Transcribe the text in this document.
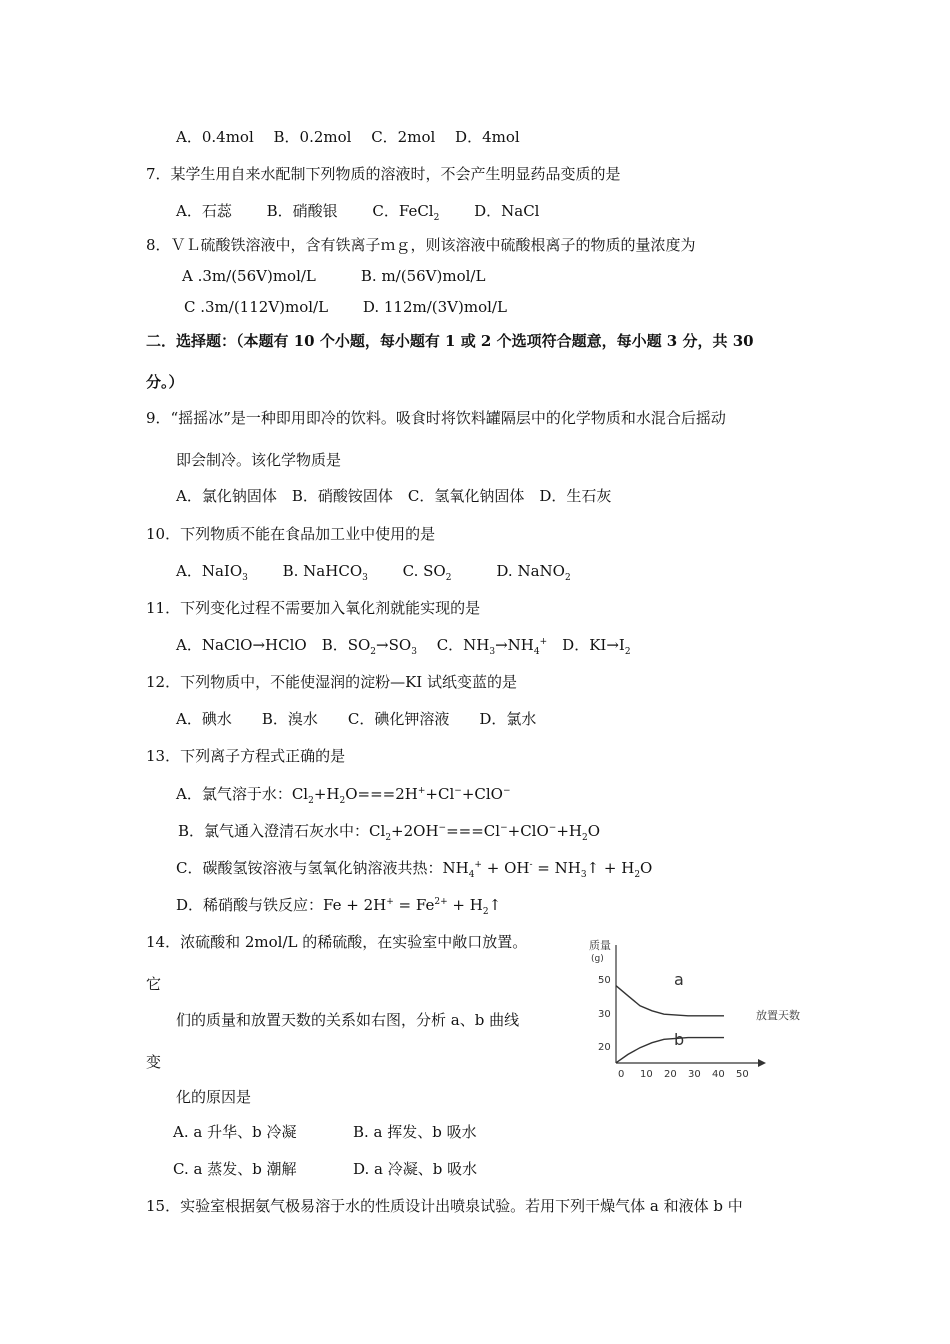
A．0.4mol　 B．0.2mol　 C．2mol　 D．4mol
7．某学生用自来水配制下列物质的溶液时，不会产生明显药品变质的是
A．石蕊　　 B．硝酸银　　 C．FeCl$_2$　　 D．NaCl
8．ＶＬ硫酸铁溶液中，含有铁离子ｍｇ，则该溶液中硫酸根离子的物质的量浓度为
A .3m/(56V)mol/L　　　B. m/(56V)mol/L
C .3m/(112V)mol/L　　 D. 112m/(3V)mol/L
二．选择题：（本题有 10 个小题，每小题有 1 或 2 个选项符合题意，每小题 3 分，共 30
分。）
9．“摇摇冰”是一种即用即冷的饮料。吸食时将饮料罐隔层中的化学物质和水混合后摇动
即会制冷。该化学物质是
A．氯化钠固体　B．硝酸铵固体　C．氢氧化钠固体　D．生石灰
10．下列物质不能在食品加工业中使用的是
A．NaIO$_3$　　 B. NaHCO$_3$　　 C. $SO_2$　　　D. NaNO$_2$
11．下列变化过程不需要加入氧化剂就能实现的是
A．NaClO→HClO　B．$SO_2\to SO_3$　 C．$NH_3\to NH_4^+$　D．$KI\to I_2$
12．下列物质中，不能使湿润的淀粉—KI 试纸变蓝的是
A．碘水　　B．溴水　　C．碘化钾溶液　　D．氯水
13．下列离子方程式正确的是
A．氯气溶于水：$Cl_2+H_2O===2H^++Cl^-+ClO^-$
B．氯气通入澄清石灰水中：$Cl_2+2OH^-===Cl^-+ClO^-+H_2O$
C．碳酸氢铵溶液与氢氧化钠溶液共热：$NH_4^+ + OH^-$ = $NH_3↑ + H_2O$
D．稀硝酸与铁反应：$Fe + 2H^+ = Fe^{2+}$ + $H_2↑$
14．浓硫酸和 2mol/L 的稀硫酸，在实验室中敞口放置。
它
们的质量和放置天数的关系如右图，分析 a、b 曲线
变
化的原因是
A. a 升华、b 冷凝	B. a 挥发、b 吸水
C. a 蒸发、b 潮解	D. a 冷凝、b 吸水
15．实验室根据氨气极易溶于水的性质设计出喷泉试验。若用下列干燥气体 a 和液体 b 中
质量
(g)
50
30
20
0 10 20 30 40 50
a
b
放置天数
